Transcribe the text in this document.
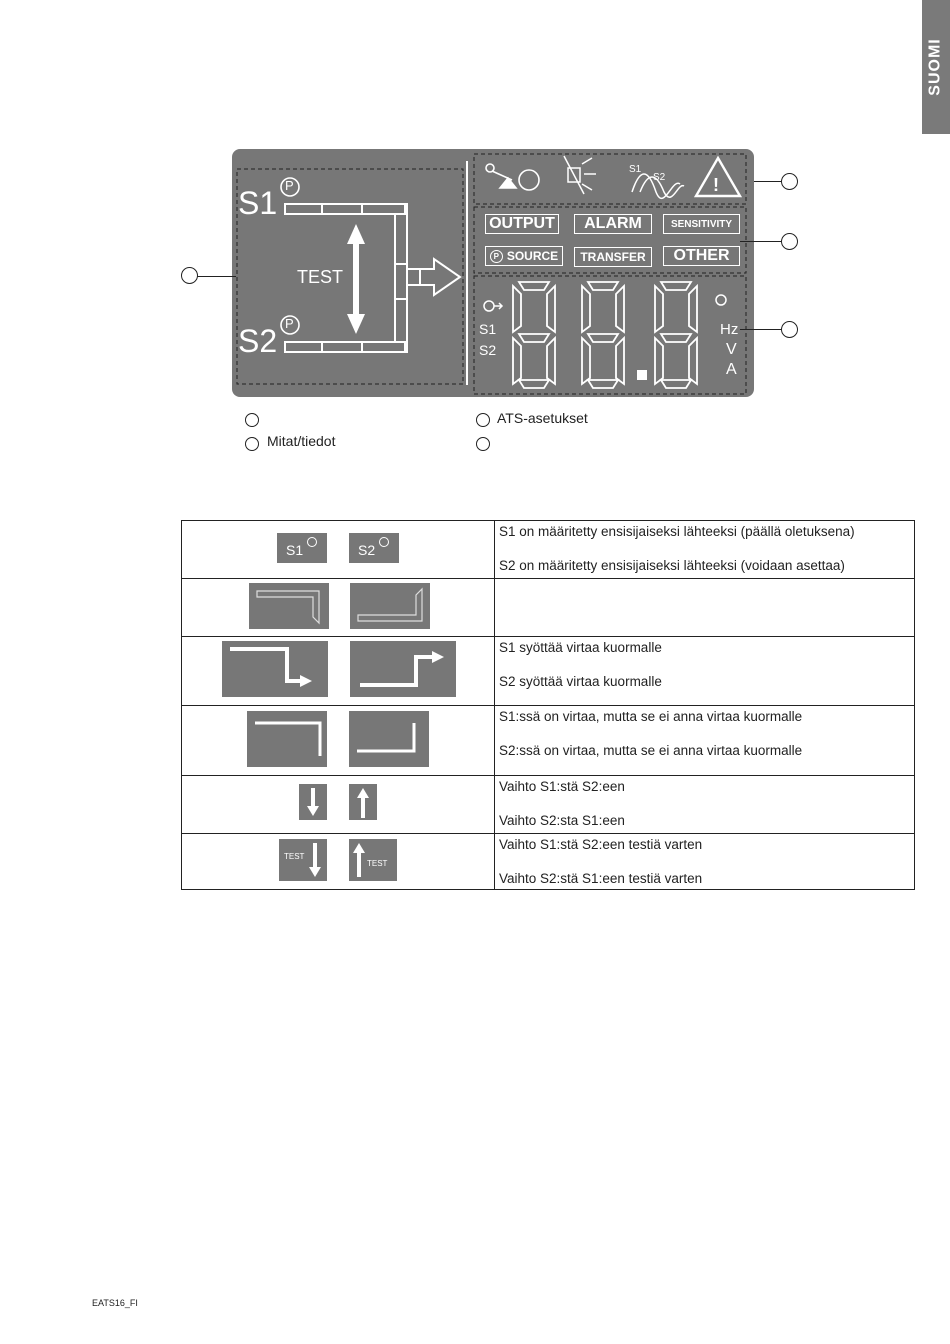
SUOMI
S1 P
S2 P
TEST
S1
S2	!
OUTPUT	ALARM	SENSITIVITY
P SOURCE	TRANSFER	OTHER
S1
S2
Hz
V
A
Mitat/tiedot
ATS-asetukset
S1 S2	S1 on määritetty ensisijaiseksi lähteeksi (päällä oletuksena)
S2 on määritetty ensisijaiseksi lähteeksi (voidaan asettaa)

S1 syöttää virtaa kuormalle
S2 syöttää virtaa kuormalle

S1:ssä on virtaa, mutta se ei anna virtaa kuormalle
S2:ssä on virtaa, mutta se ei anna virtaa kuormalle

Vaihto S1:stä S2:een
Vaihto S2:sta S1:een

TEST
TEST	Vaihto S1:stä S2:een testiä varten
Vaihto S2:stä S1:een testiä varten
EATS16_FI
